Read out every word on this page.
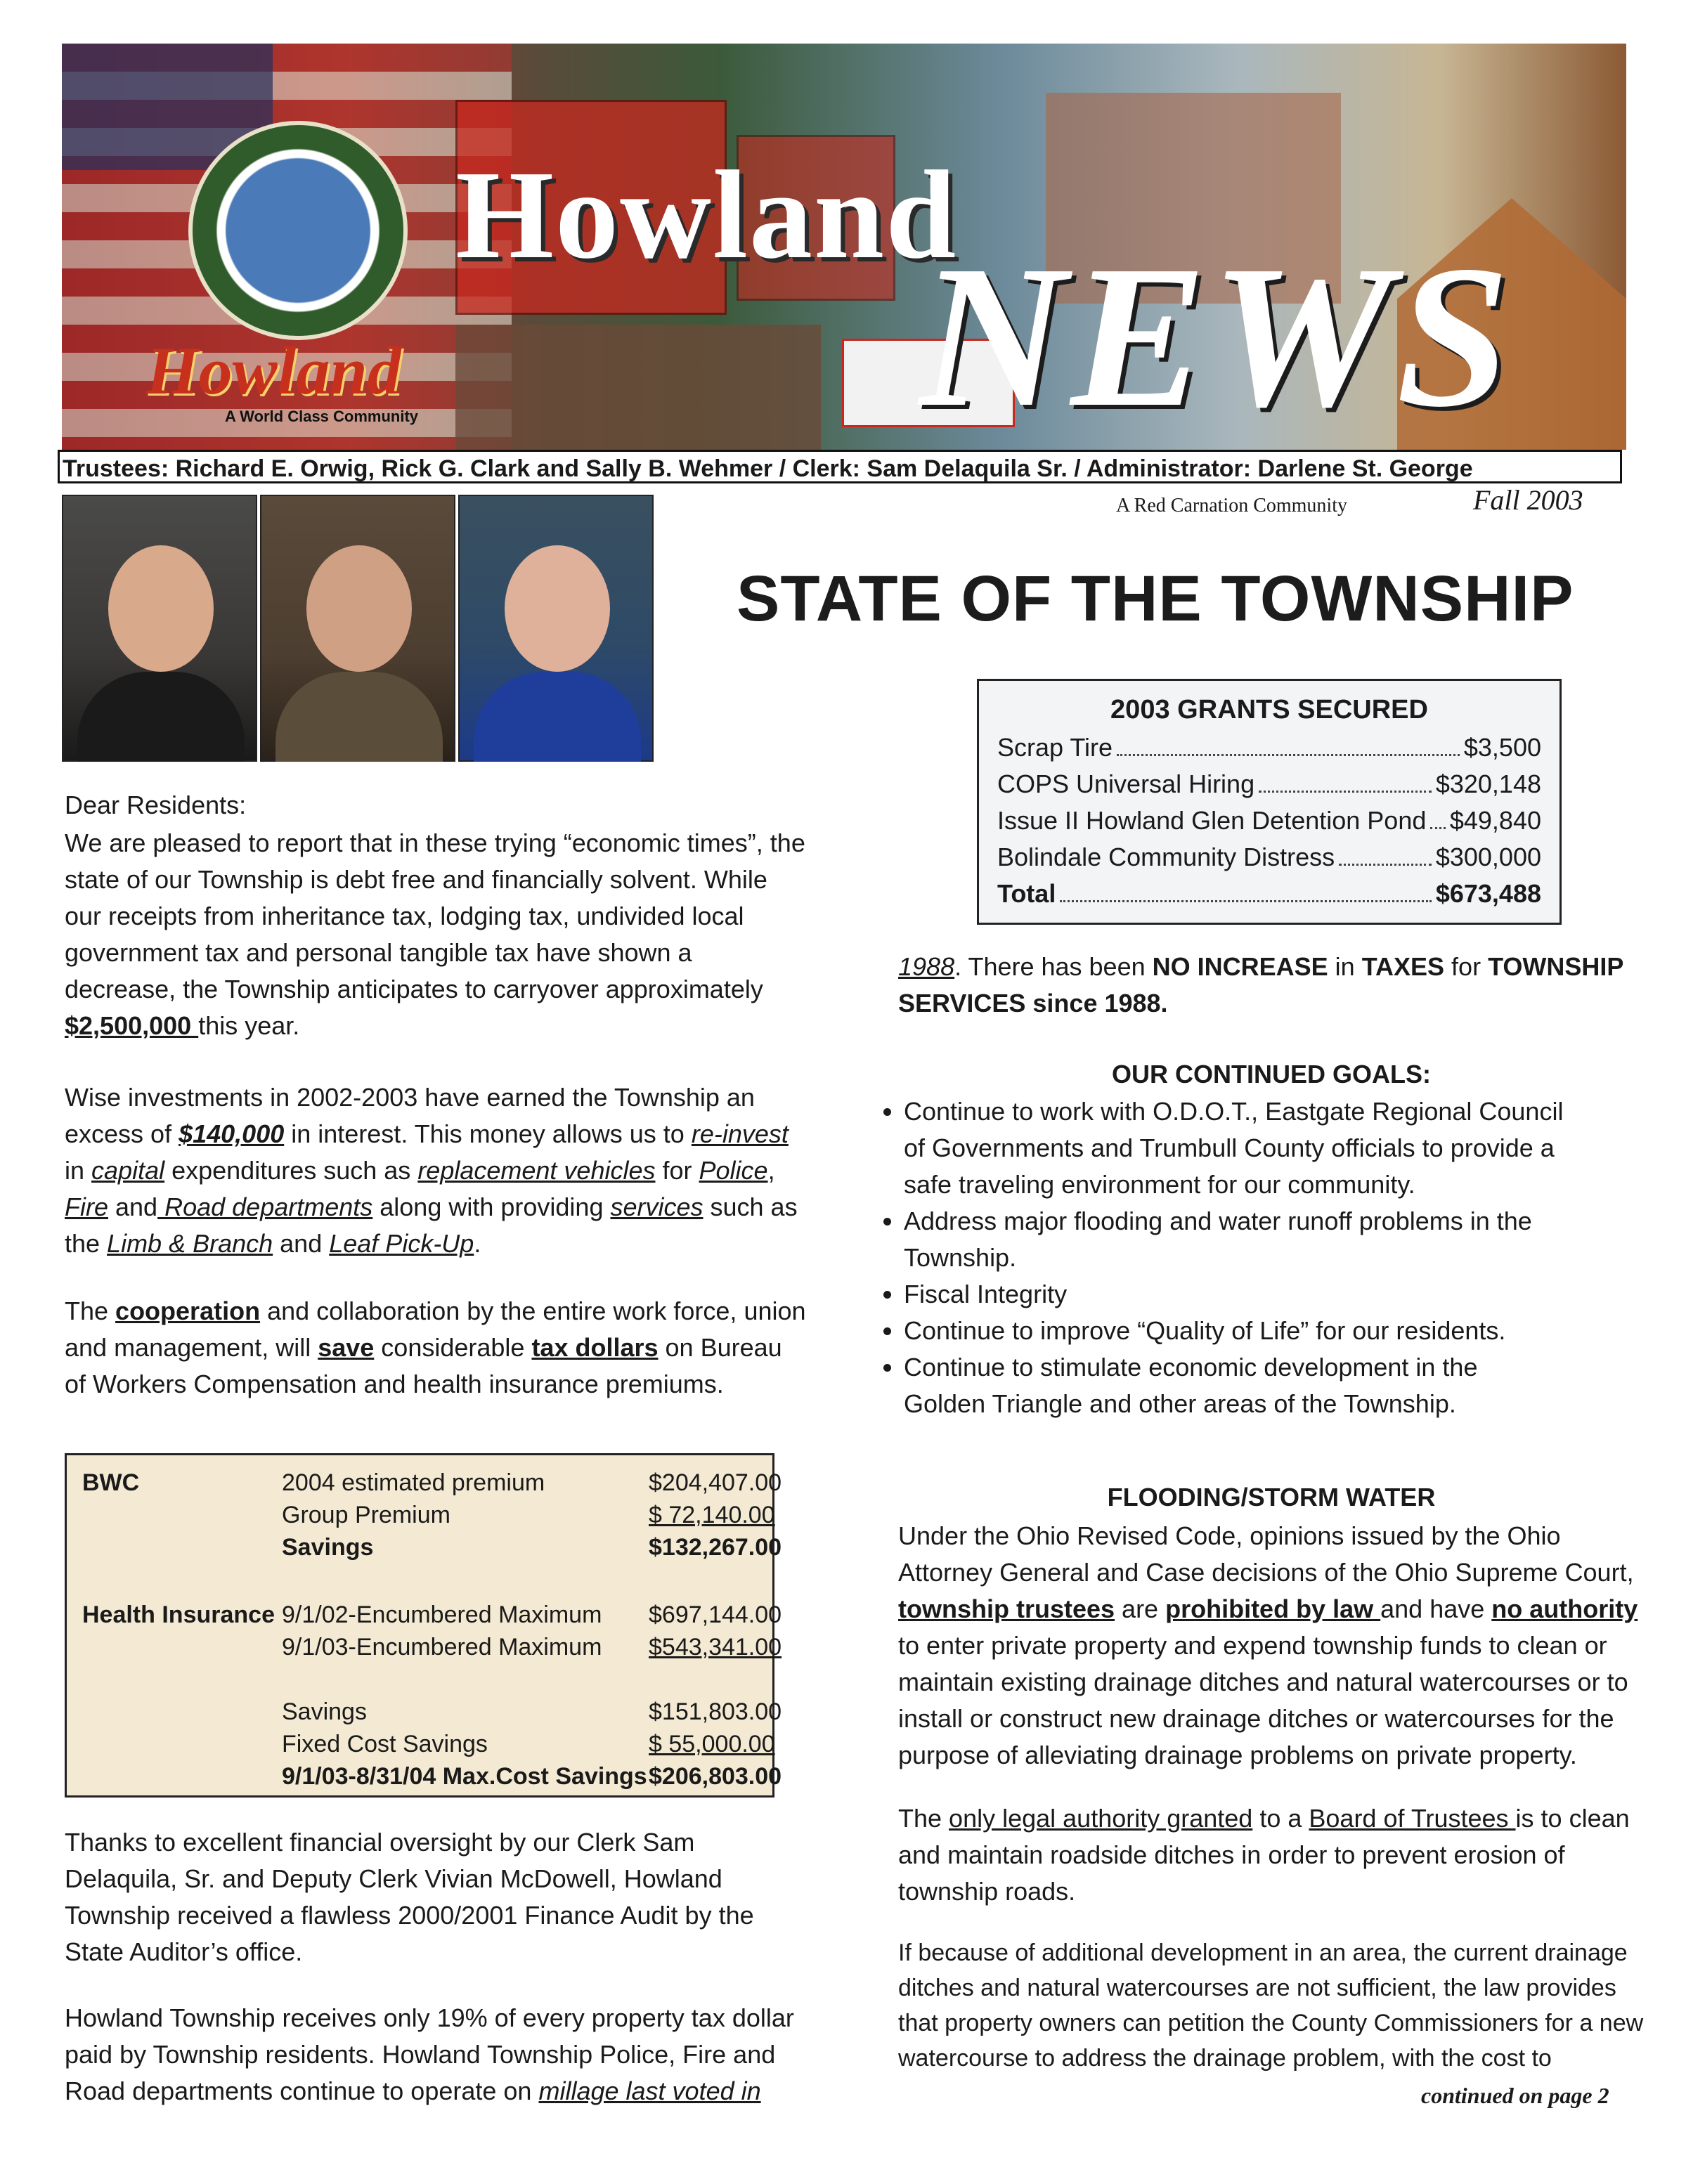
Howland
A World Class Community
Howland
NEWS
Trustees: Richard E. Orwig, Rick G. Clark and Sally B. Wehmer / Clerk: Sam Delaquila Sr. / Administrator: Darlene St. George
A Red Carnation Community	Fall 2003
STATE OF THE TOWNSHIP
2003 GRANTS SECURED
Scrap Tire	$3,500
COPS Universal Hiring	$320,148
Issue II Howland Glen Detention Pond $49,840
Bolindale Community Distress	$300,000
Total	$673,488
Dear Residents:
We are pleased to report that in these trying “economic times”, the state of our Township is debt free and financially solvent. While our receipts from inheritance tax, lodging tax, undivided local government tax and personal tangible tax have shown a decrease, the Township anticipates to carryover approximately $2,500,000 this year.
Wise investments in 2002-2003 have earned the Township an excess of $140,000 in interest. This money allows us to re-invest in capital expenditures such as replacement vehicles for Police, Fire and Road departments along with providing services such as the Limb & Branch and Leaf Pick-Up.
The cooperation and collaboration by the entire work force, union and management, will save considerable tax dollars on Bureau of Workers Compensation and health insurance premiums.
BWC	2004 estimated premium	$204,407.00
Group Premium	$ 72,140.00
Savings	$132,267.00
Health Insurance 9/1/02-Encumbered Maximum $697,144.00
9/1/03-Encumbered Maximum $543,341.00
Savings	$151,803.00
Fixed Cost Savings	$ 55,000.00
9/1/03-8/31/04 Max.Cost Savings $206,803.00
Thanks to excellent financial oversight by our Clerk Sam Delaquila, Sr. and Deputy Clerk Vivian McDowell, Howland Township received a flawless 2000/2001 Finance Audit by the State Auditor’s office.
Howland Township receives only 19% of every property tax dollar paid by Township residents. Howland Township Police, Fire and Road departments continue to operate on millage last voted in
1988. There has been NO INCREASE in TAXES for TOWNSHIP SERVICES since 1988.
OUR CONTINUED GOALS:
• Continue to work with O.D.O.T., Eastgate Regional Council of Governments and Trumbull County officials to provide a safe traveling environment for our community.
• Address major flooding and water runoff problems in the Township.
• Fiscal Integrity
• Continue to improve “Quality of Life” for our residents.
• Continue to stimulate economic development in the Golden Triangle and other areas of the Township.
FLOODING/STORM WATER
Under the Ohio Revised Code, opinions issued by the Ohio Attorney General and Case decisions of the Ohio Supreme Court, township trustees are prohibited by law and have no authority to enter private property and expend township funds to clean or maintain existing drainage ditches and natural watercourses or to install or construct new drainage ditches or watercourses for the purpose of alleviating drainage problems on private property.
The only legal authority granted to a Board of Trustees is to clean and maintain roadside ditches in order to prevent erosion of township roads.
If because of additional development in an area, the current drainage ditches and natural watercourses are not sufficient, the law provides that property owners can petition the County Commissioners for a new watercourse to address the drainage problem, with the cost to
continued on page 2
